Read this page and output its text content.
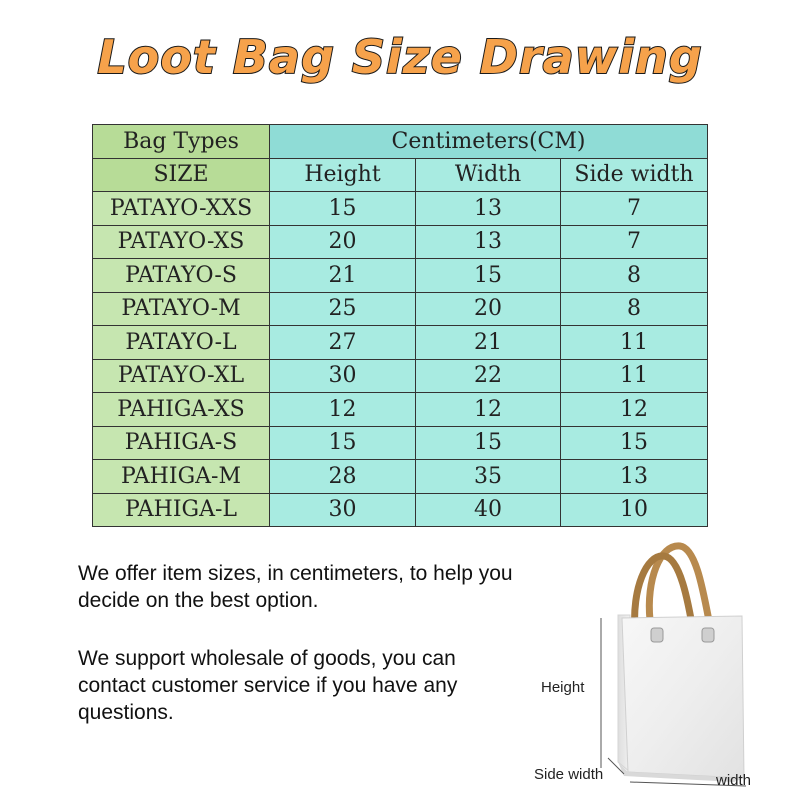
Loot Bag Size Drawing
Bag Types	Centimeters(CM)		
SIZE	Height	Width	Side width
PATAYO-XXS	15	13	7
PATAYO-XS	20	13	7
PATAYO-S	21	15	8
PATAYO-M	25	20	8
PATAYO-L	27	21	11
PATAYO-XL	30	22	11
PAHIGA-XS	12	12	12
PAHIGA-S	15	15	15
PAHIGA-M	28	35	13
PAHIGA-L	30	40	10
We offer item sizes, in centimeters, to help you decide on the best option.
We support wholesale of goods, you can contact customer service if you have any questions.
Height
Side width	width
